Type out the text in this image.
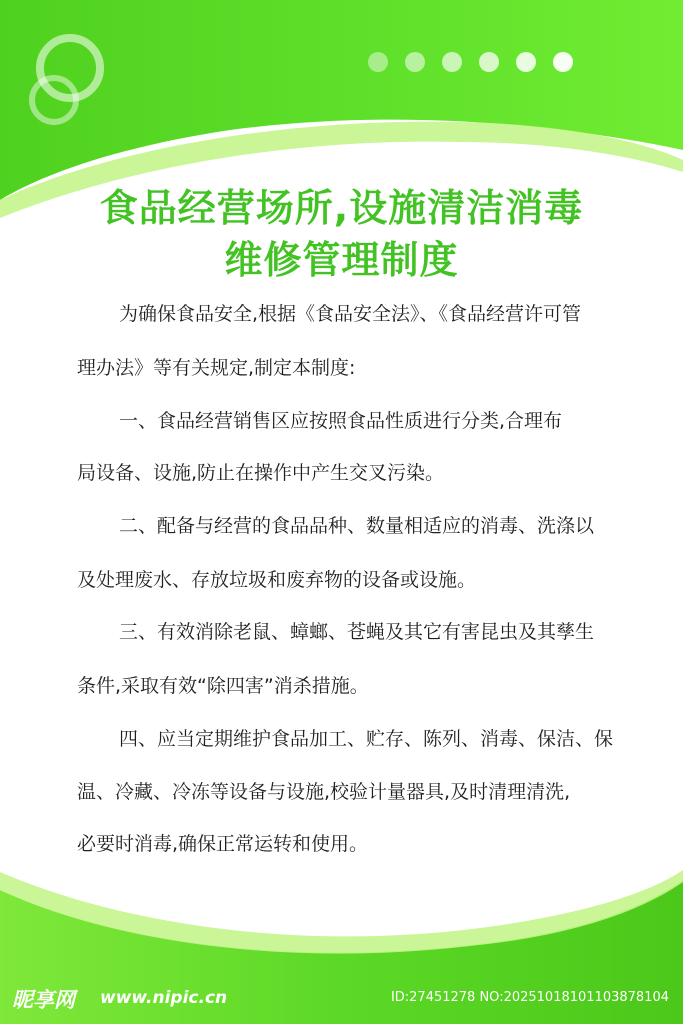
食品经营场所,设施清洁消毒
维修管理制度
为确保食品安全,根据《食品安全法》、《食品经营许可管
理办法》等有关规定,制定本制度:
一、食品经营销售区应按照食品性质进行分类,合理布
局设备、设施,防止在操作中产生交叉污染。
二、配备与经营的食品品种、数量相适应的消毒、洗涤以
及处理废水、存放垃圾和废弃物的设备或设施。
三、有效消除老鼠、蟑螂、苍蝇及其它有害昆虫及其孳生
条件,采取有效“除四害”消杀措施。
四、应当定期维护食品加工、贮存、陈列、消毒、保洁、保
温、冷藏、冷冻等设备与设施,校验计量器具,及时清理清洗,
必要时消毒,确保正常运转和使用。
昵享网 www.nipic.cn	ID:27451278 NO:20251018101103878104
